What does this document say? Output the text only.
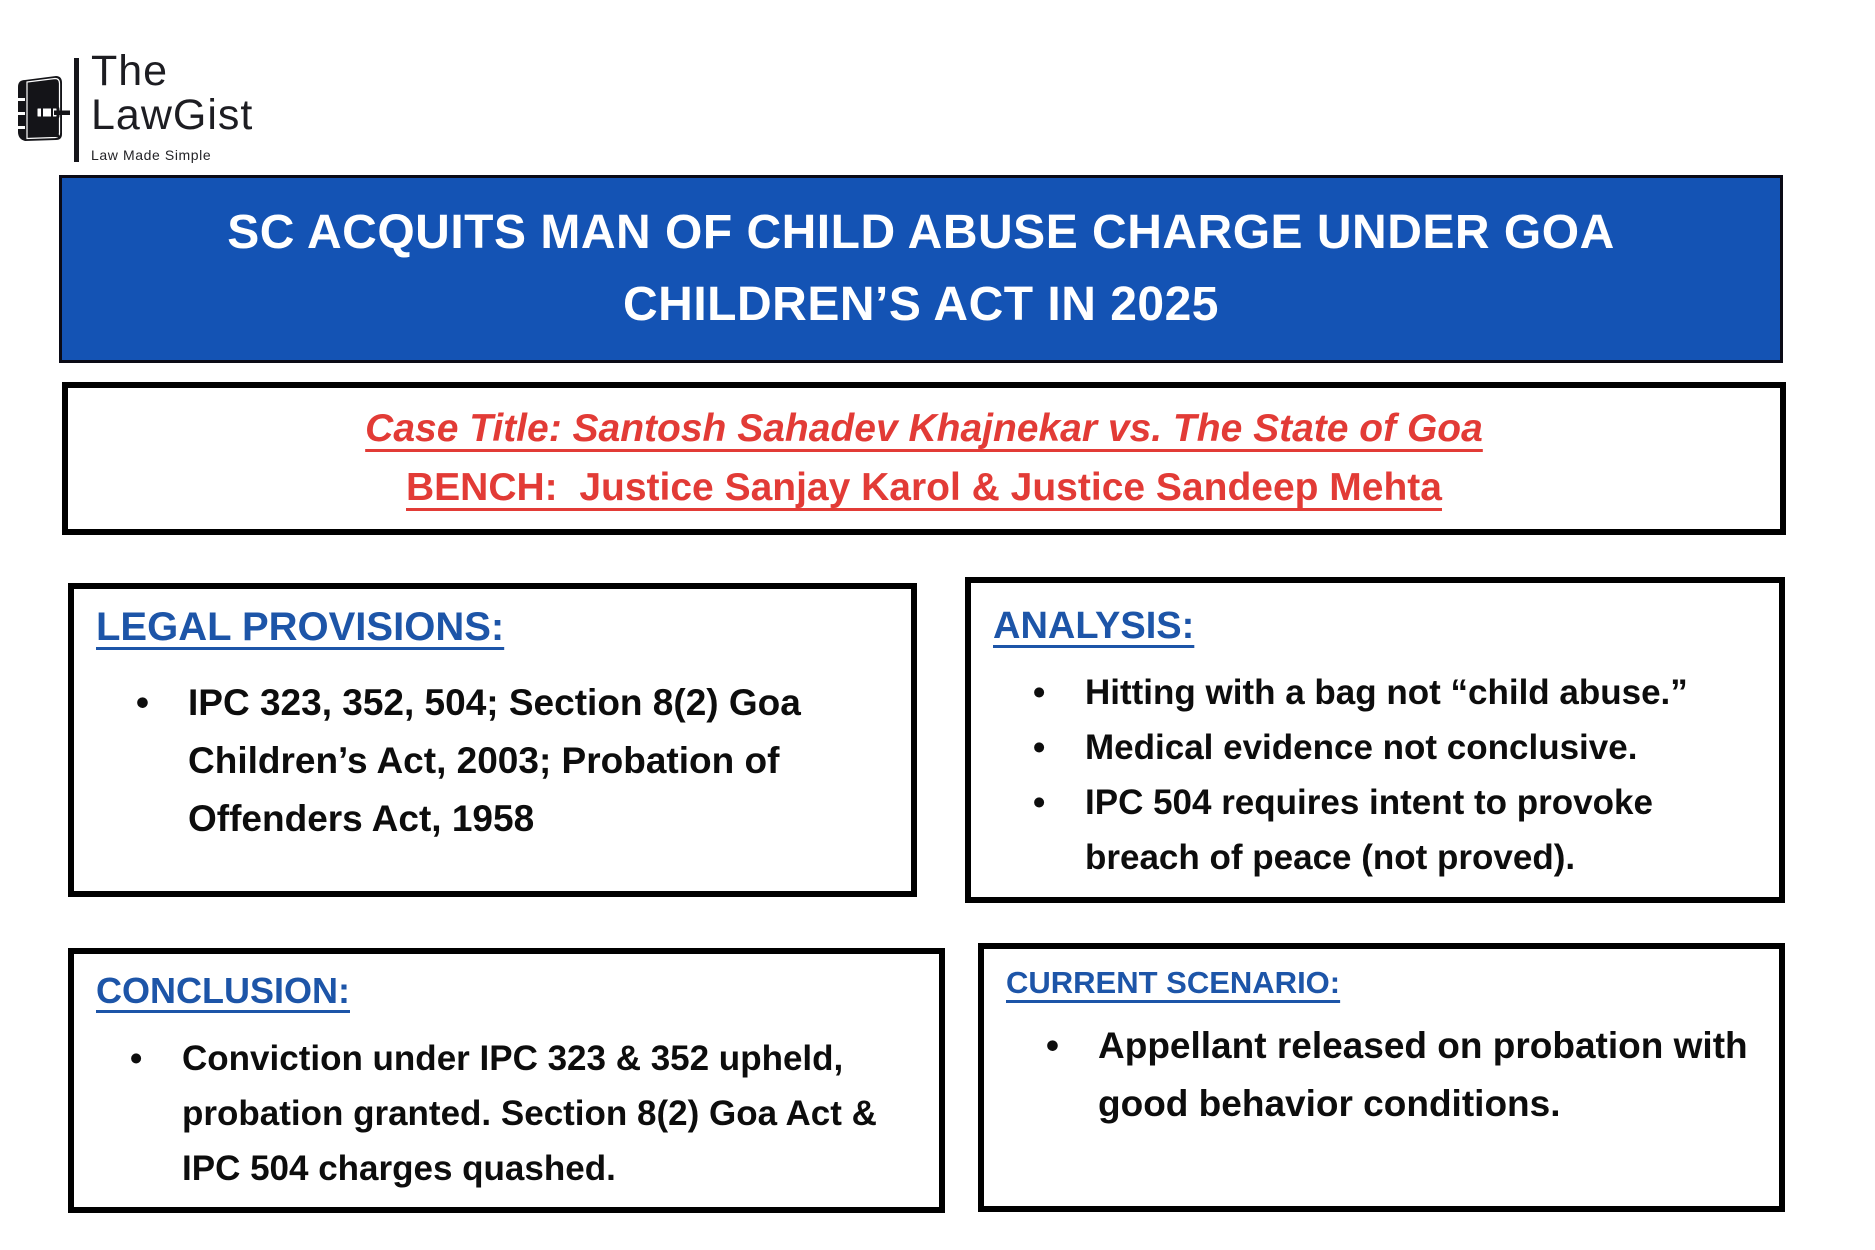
The
LawGist
Law Made Simple
SC ACQUITS MAN OF CHILD ABUSE CHARGE UNDER GOA
CHILDREN’S ACT IN 2025
Case Title: Santosh Sahadev Khajnekar vs. The State of Goa
BENCH:  Justice Sanjay Karol & Justice Sandeep Mehta
LEGAL PROVISIONS:
• IPC 323, 352, 504; Section 8(2) Goa Children’s Act, 2003; Probation of Offenders Act, 1958
ANALYSIS:
• Hitting with a bag not “child abuse.”
• Medical evidence not conclusive.
• IPC 504 requires intent to provoke breach of peace (not proved).
CONCLUSION:
• Conviction under IPC 323 & 352 upheld, probation granted. Section 8(2) Goa Act & IPC 504 charges quashed.
CURRENT SCENARIO:
• Appellant released on probation with good behavior conditions.
